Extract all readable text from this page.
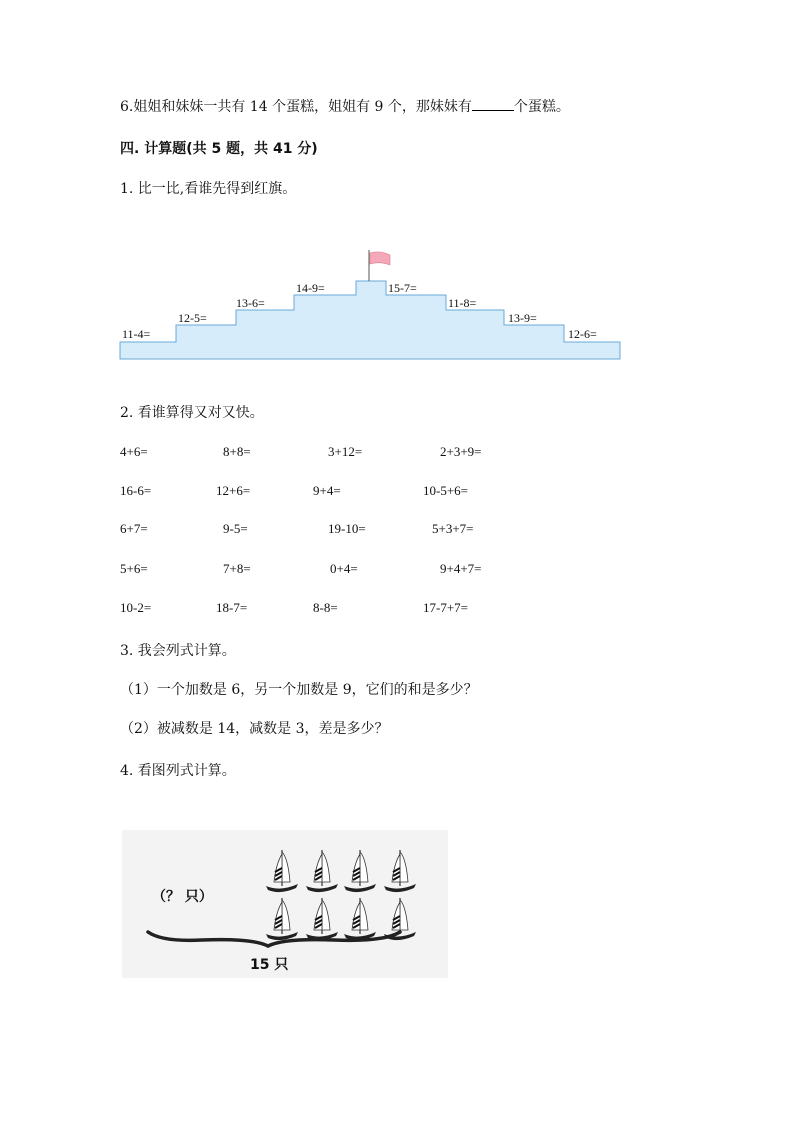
6.姐姐和妹妹一共有 14 个蛋糕，姐姐有 9 个，那妹妹有	个蛋糕。
四. 计算题(共 5 题，共 41 分)
1. 比一比,看谁先得到红旗。
11-4=
12-5=
13-6=
14-9=	15-7=
11-8=
13-9=
12-6=
2. 看谁算得又对又快。
4+6=	8+8=	3+12=	2+3+9=
16-6=	12+6=	9+4=	10-5+6=
6+7=	9-5=	19-10=	5+3+7=
5+6=	7+8=	0+4=	9+4+7=
10-2=	18-7=	8-8=	17-7+7=
3. 我会列式计算。
（1）一个加数是 6，另一个加数是 9，它们的和是多少？
（2）被减数是 14，减数是 3，差是多少？
4. 看图列式计算。
（？ 只）
15 只
